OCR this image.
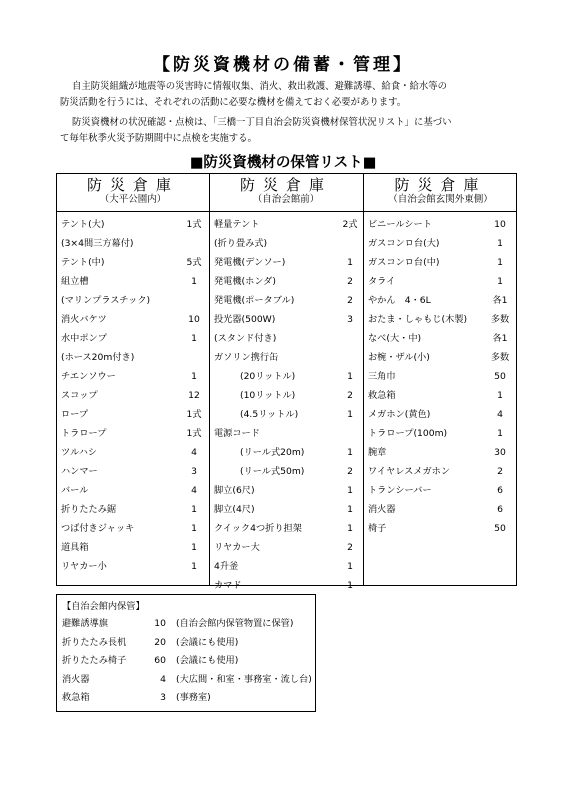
【防災資機材の備蓄・管理】
自主防災組織が地震等の災害時に情報収集、消火、救出救護、避難誘導、給食・給水等の
防災活動を行うには、それぞれの活動に必要な機材を備えておく必要があります。
防災資機材の状況確認・点検は、「三橋一丁目自治会防災資機材保管状況リスト」に基づい
て毎年秋季火災予防期間中に点検を実施する。
■防災資機材の保管リスト■
防災倉庫
（大平公園内）
防災倉庫
（自治会館前）
防災倉庫
（自治会館玄関外東側）
テント(大)	1式
(3×4間三方幕付)
テント(中)	5式
組立槽	1
(マリンプラスチック)
消火バケツ	10
水中ポンプ	1
(ホース20m付き)
チエンソウー	1
スコップ	12
ロープ	1式
トラロープ	1式
ツルハシ	4
ハンマー	3
バール	4
折りたたみ鋸	1
つば付きジャッキ	1
道具箱	1
リヤカー小	1
軽量テント	2式
(折り畳み式)
発電機(デンソー)	1
発電機(ホンダ)	2
発電機(ポータブル)	2
投光器(500W)	3
(スタンド付き)
ガソリン携行缶
(20リットル)	1
(10リットル)	2
(4.5リットル)	1
電源コード
(リール式20m)	1
(リール式50m)	2
脚立(6尺)	1
脚立(4尺)	1
クイック4つ折り担架	1
リヤカー大	2
4升釜	1
カマド	1
ビニールシート	10
ガスコンロ台(大)	1
ガスコンロ台(中)	1
タライ	1
やかん　4・6L	各1
おたま・しゃもじ(木製)	多数
なべ(大・中)	各1
お椀・ザル(小)	多数
三角巾	50
救急箱	1
メガホン(黄色)	4
トラロープ(100m)	1
腕章	30
ワイヤレスメガホン	2
トランシーバー	6
消火器	6
椅子	50
【自治会館内保管】
避難誘導旗	10 (自治会館内保管物置に保管)
折りたたみ長机	20 (会議にも使用)
折りたたみ椅子	60 (会議にも使用)
消火器	4 (大広間・和室・事務室・流し台)
救急箱	3 (事務室)
